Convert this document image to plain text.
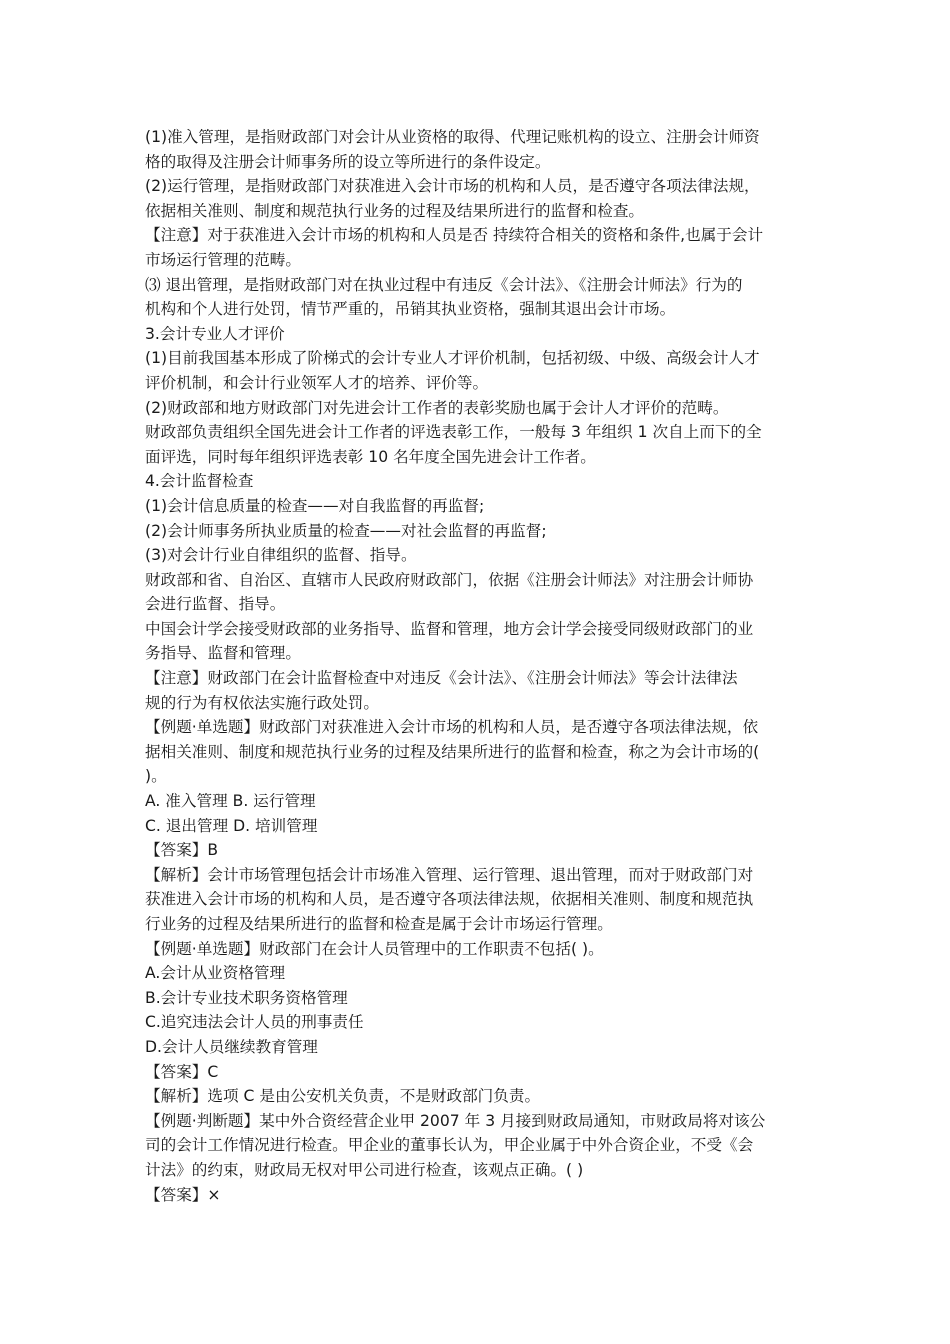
(1)准入管理，是指财政部门对会计从业资格的取得、代理记账机构的设立、注册会计师资
格的取得及注册会计师事务所的设立等所进行的条件设定。
(2)运行管理，是指财政部门对获准进入会计市场的机构和人员，是否遵守各项法律法规，
依据相关准则、制度和规范执行业务的过程及结果所进行的监督和检查。
【注意】对于获准进入会计市场的机构和人员是否 持续符合相关的资格和条件,也属于会计
市场运行管理的范畴。
⑶ 退出管理，是指财政部门对在执业过程中有违反《会计法》、《注册会计师法》行为的
机构和个人进行处罚，情节严重的，吊销其执业资格，强制其退出会计市场。
3.会计专业人才评价
(1)目前我国基本形成了阶梯式的会计专业人才评价机制，包括初级、中级、高级会计人才
评价机制，和会计行业领军人才的培养、评价等。
(2)财政部和地方财政部门对先进会计工作者的表彰奖励也属于会计人才评价的范畴。
财政部负责组织全国先进会计工作者的评选表彰工作，一般每 3 年组织 1 次自上而下的全
面评选，同时每年组织评选表彰 10 名年度全国先进会计工作者。
4.会计监督检查
(1)会计信息质量的检查——对自我监督的再监督;
(2)会计师事务所执业质量的检查——对社会监督的再监督;
(3)对会计行业自律组织的监督、指导。
财政部和省、自治区、直辖市人民政府财政部门，依据《注册会计师法》对注册会计师协
会进行监督、指导。
中国会计学会接受财政部的业务指导、监督和管理，地方会计学会接受同级财政部门的业
务指导、监督和管理。
【注意】财政部门在会计监督检查中对违反《会计法》、《注册会计师法》等会计法律法
规的行为有权依法实施行政处罚。
【例题·单选题】财政部门对获准进入会计市场的机构和人员，是否遵守各项法律法规，依
据相关准则、制度和规范执行业务的过程及结果所进行的监督和检查，称之为会计市场的(
)。
A. 准入管理 B. 运行管理
C. 退出管理 D. 培训管理
【答案】B
【解析】会计市场管理包括会计市场准入管理、运行管理、退出管理，而对于财政部门对
获准进入会计市场的机构和人员，是否遵守各项法律法规，依据相关准则、制度和规范执
行业务的过程及结果所进行的监督和检查是属于会计市场运行管理。
【例题·单选题】财政部门在会计人员管理中的工作职责不包括( )。
A.会计从业资格管理
B.会计专业技术职务资格管理
C.追究违法会计人员的刑事责任
D.会计人员继续教育管理
【答案】C
【解析】选项 C 是由公安机关负责，不是财政部门负责。
【例题·判断题】某中外合资经营企业甲 2007 年 3 月接到财政局通知，市财政局将对该公
司的会计工作情况进行检查。甲企业的董事长认为，甲企业属于中外合资企业，不受《会
计法》的约束，财政局无权对甲公司进行检查，该观点正确。( )
【答案】×
